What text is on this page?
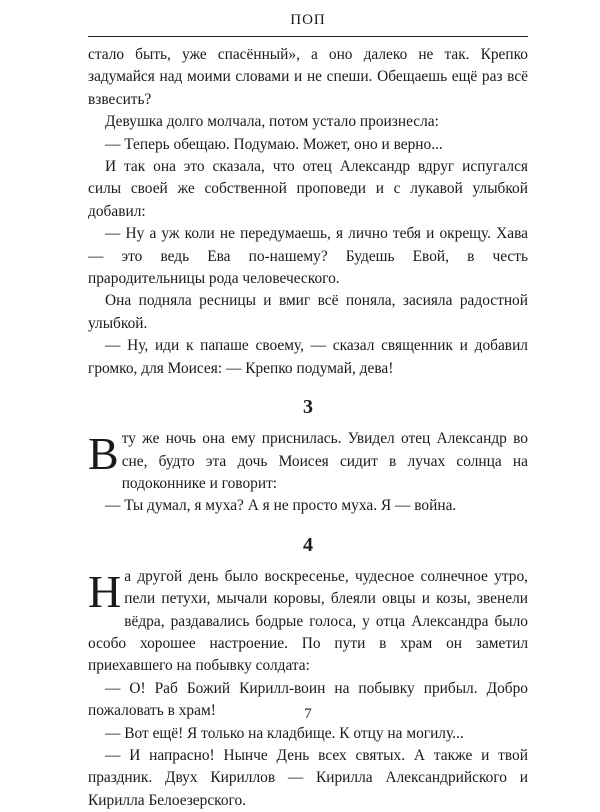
ПОП

стало быть, уже спасённый», а оно далеко не так. Крепко задумайся над моими словами и не спеши. Обещаешь ещё раз всё взвесить?

Девушка долго молчала, потом устало произнесла:

— Теперь обещаю. Подумаю. Может, оно и верно...

И так она это сказала, что отец Александр вдруг испугался силы своей же собственной проповеди и с лукавой улыбкой добавил:

— Ну а уж коли не передумаешь, я лично тебя и окрещу. Хава — это ведь Ева по-нашему? Будешь Евой, в честь прародительницы рода человеческого.

Она подняла ресницы и вмиг всё поняла, засияла радостной улыбкой.

— Ну, иди к папаше своему, — сказал священник и добавил громко, для Моисея: — Крепко подумай, дева!

3

В ту же ночь она ему приснилась. Увидел отец Александр во сне, будто эта дочь Моисея сидит в лучах солнца на подоконнике и говорит:

— Ты думал, я муха? А я не просто муха. Я — война.

4

На другой день было воскресенье, чудесное солнечное утро, пели петухи, мычали коровы, блеяли овцы и козы, звенели вёдра, раздавались бодрые голоса, у отца Александра было особо хорошее настроение. По пути в храм он заметил приехавшего на побывку солдата:

— О! Раб Божий Кирилл-воин на побывку прибыл. Добро пожаловать в храм!

— Вот ещё! Я только на кладбище. К отцу на могилу...

— И напрасно! Нынче День всех святых. А также и твой праздник. Двух Кириллов — Кирилла Александрийского и Кирилла Белоезерского.

7
